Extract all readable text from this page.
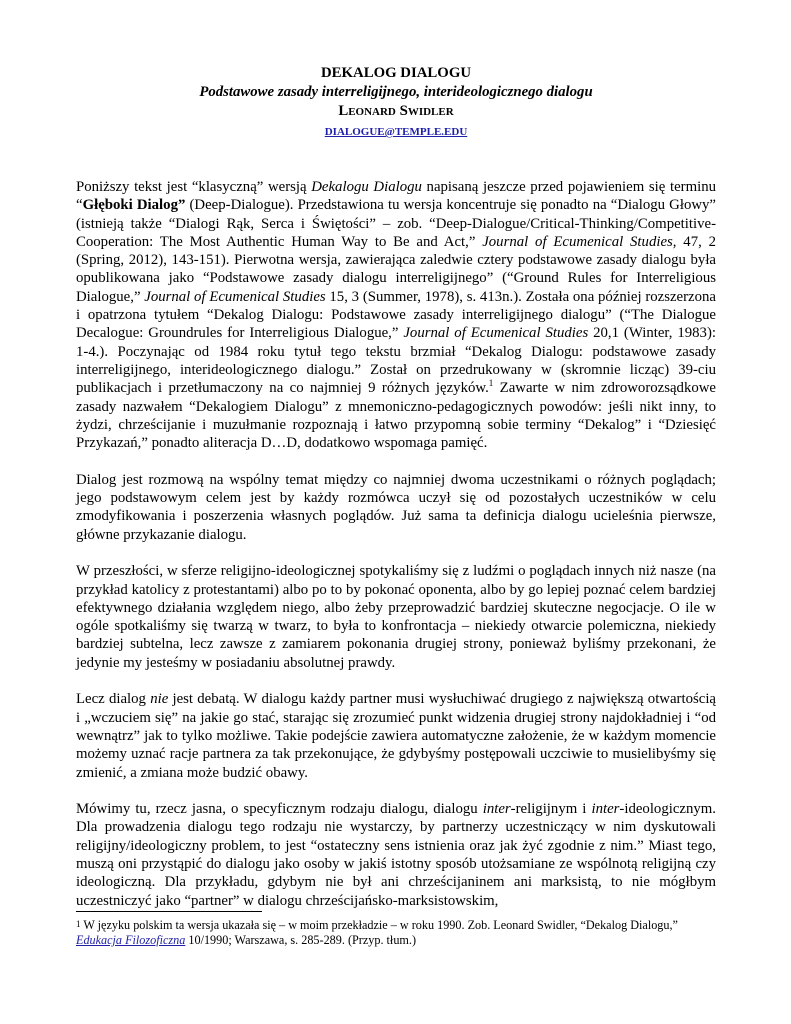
DEKALOG DIALOGU
Podstawowe zasady interreligijnego, interideologicznego dialogu
LEONARD SWIDLER
DIALOGUE@TEMPLE.EDU

Poniższy tekst jest “klasyczną” wersją Dekalogu Dialogu napisaną jeszcze przed pojawieniem się terminu “Głęboki Dialog” (Deep-Dialogue). Przedstawiona tu wersja koncentruje się ponadto na “Dialogu Głowy” (istnieją także “Dialogi Rąk, Serca i Świętości” – zob. “Deep-Dialogue/Critical-Thinking/Competitive-Cooperation: The Most Authentic Human Way to Be and Act,” Journal of Ecumenical Studies, 47, 2 (Spring, 2012), 143-151). Pierwotna wersja, zawierająca zaledwie cztery podstawowe zasady dialogu była opublikowana jako “Podstawowe zasady dialogu interreligijnego” (“Ground Rules for Interreligious Dialogue,” Journal of Ecumenical Studies 15, 3 (Summer, 1978), s. 413n.). Została ona później rozszerzona i opatrzona tytułem “Dekalog Dialogu: Podstawowe zasady interreligijnego dialogu” (“The Dialogue Decalogue: Groundrules for Interreligious Dialogue,” Journal of Ecumenical Studies 20,1 (Winter, 1983): 1-4.). Poczynając od 1984 roku tytuł tego tekstu brzmiał “Dekalog Dialogu: podstawowe zasady interreligijnego, interideologicznego dialogu.” Został on przedrukowany w (skromnie licząc) 39-ciu publikacjach i przetłumaczony na co najmniej 9 różnych języków.$^1$ Zawarte w nim zdroworozsądkowe zasady nazwałem “Dekalogiem Dialogu” z mnemoniczno-pedagogicznych powodów: jeśli nikt inny, to żydzi, chrześcijanie i muzułmanie rozpoznają i łatwo przypomną sobie terminy “Dekalog” i “Dziesięć Przykazań,” ponadto aliteracja D…D, dodatkowo wspomaga pamięć.

Dialog jest rozmową na wspólny temat między co najmniej dwoma uczestnikami o różnych poglądach; jego podstawowym celem jest by każdy rozmówca uczył się od pozostałych uczestników w celu zmodyfikowania i poszerzenia własnych poglądów. Już sama ta definicja dialogu ucieleśnia pierwsze, główne przykazanie dialogu.

W przeszłości, w sferze religijno-ideologicznej spotykaliśmy się z ludźmi o poglądach innych niż nasze (na przykład katolicy z protestantami) albo po to by pokonać oponenta, albo by go lepiej poznać celem bardziej efektywnego działania względem niego, albo żeby przeprowadzić bardziej skuteczne negocjacje. O ile w ogóle spotkaliśmy się twarzą w twarz, to była to konfrontacja – niekiedy otwarcie polemiczna, niekiedy bardziej subtelna, lecz zawsze z zamiarem pokonania drugiej strony, ponieważ byliśmy przekonani, że jedynie my jesteśmy w posiadaniu absolutnej prawdy.

Lecz dialog nie jest debatą. W dialogu każdy partner musi wysłuchiwać drugiego z największą otwartością i „wczuciem się” na jakie go stać, starając się zrozumieć punkt widzenia drugiej strony najdokładniej i “od wewnątrz” jak to tylko możliwe. Takie podejście zawiera automatyczne założenie, że w każdym momencie możemy uznać racje partnera za tak przekonujące, że gdybyśmy postępowali uczciwie to musielibyśmy się zmienić, a zmiana może budzić obawy.

Mówimy tu, rzecz jasna, o specyficznym rodzaju dialogu, dialogu inter-religijnym i inter-ideologicznym. Dla prowadzenia dialogu tego rodzaju nie wystarczy, by partnerzy uczestniczący w nim dyskutowali religijny/ideologiczny problem, to jest “ostateczny sens istnienia oraz jak żyć zgodnie z nim.” Miast tego, muszą oni przystąpić do dialogu jako osoby w jakiś istotny sposób utożsamiane ze wspólnotą religijną czy ideologiczną. Dla przykładu, gdybym nie był ani chrześcijaninem ani marksistą, to nie mógłbym uczestniczyć jako “partner” w dialogu chrześcijańsko-marksistowskim,

$^1$ W języku polskim ta wersja ukazała się – w moim przekładzie – w roku 1990. Zob. Leonard Swidler, “Dekalog Dialogu,” Edukacja Filozoficzna 10/1990; Warszawa, s. 285-289. (Przyp. tłum.)
